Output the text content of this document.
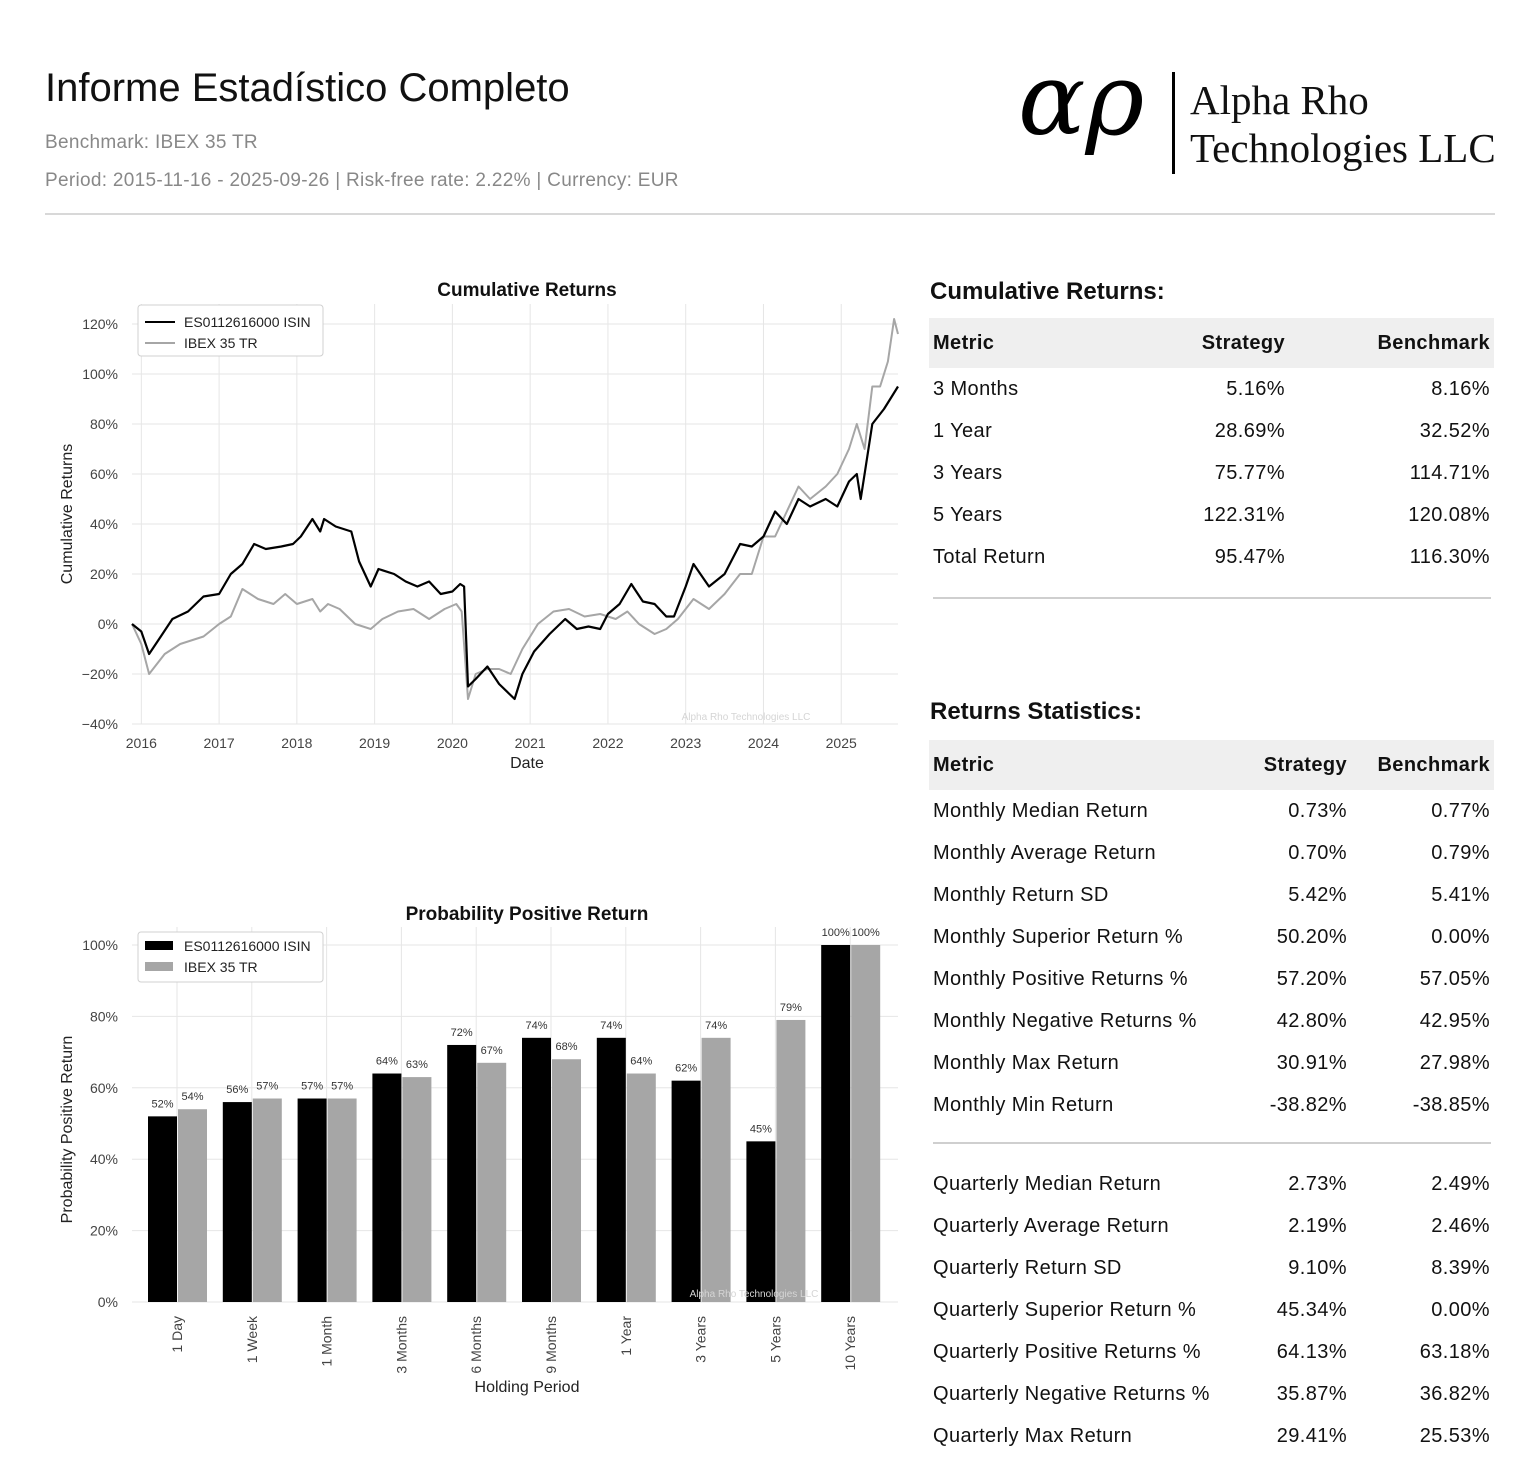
Informe Estadístico Completo
Benchmark: IBEX 35 TR
Period: 2015-11-16 - 2025-09-26 | Risk-free rate: 2.22% | Currency: EUR
αρ Alpha Rho
Technologies LLC
2016	2017	2018	2019	2020	2021	2022	2023	2024	2025
−40%
−20%
0%
20%
40%
60%
80%
100%
120%
Cumulative Returns
Date
Cumulative Returns
Alpha Rho Technologies LLC
ES0112616000 ISIN
IBEX 35 TR
0%
20%
40%
60%
80%
100%
52%
54%
1 Day
56% 57%
1 Week
57% 57%
1 Month
64% 63%
3 Months
72%
67%
6 Months
74%
68%
9 Months
74%
64%
1 Year
62%
74%
3 Years
45%
79%
5 Years
100% 100%
10 Years
Probability Positive Return
Holding Period
Probability Positive Return
Alpha Rho Technologies LLC
ES0112616000 ISIN
IBEX 35 TR
Cumulative Returns:
Metric	Strategy	Benchmark
3 Months	5.16%	8.16%
1 Year	28.69%	32.52%
3 Years	75.77%	114.71%
5 Years	122.31%	120.08%
Total Return	95.47%	116.30%
Returns Statistics:
Metric	Strategy	Benchmark
Monthly Median Return	0.73%	0.77%
Monthly Average Return	0.70%	0.79%
Monthly Return SD	5.42%	5.41%
Monthly Superior Return %	50.20%	0.00%
Monthly Positive Returns %	57.20%	57.05%
Monthly Negative Returns %	42.80%	42.95%
Monthly Max Return	30.91%	27.98%
Monthly Min Return	-38.82%	-38.85%
Quarterly Median Return	2.73%	2.49%
Quarterly Average Return	2.19%	2.46%
Quarterly Return SD	9.10%	8.39%
Quarterly Superior Return %	45.34%	0.00%
Quarterly Positive Returns %	64.13%	63.18%
Quarterly Negative Returns %	35.87%	36.82%
Quarterly Max Return	29.41%	25.53%
